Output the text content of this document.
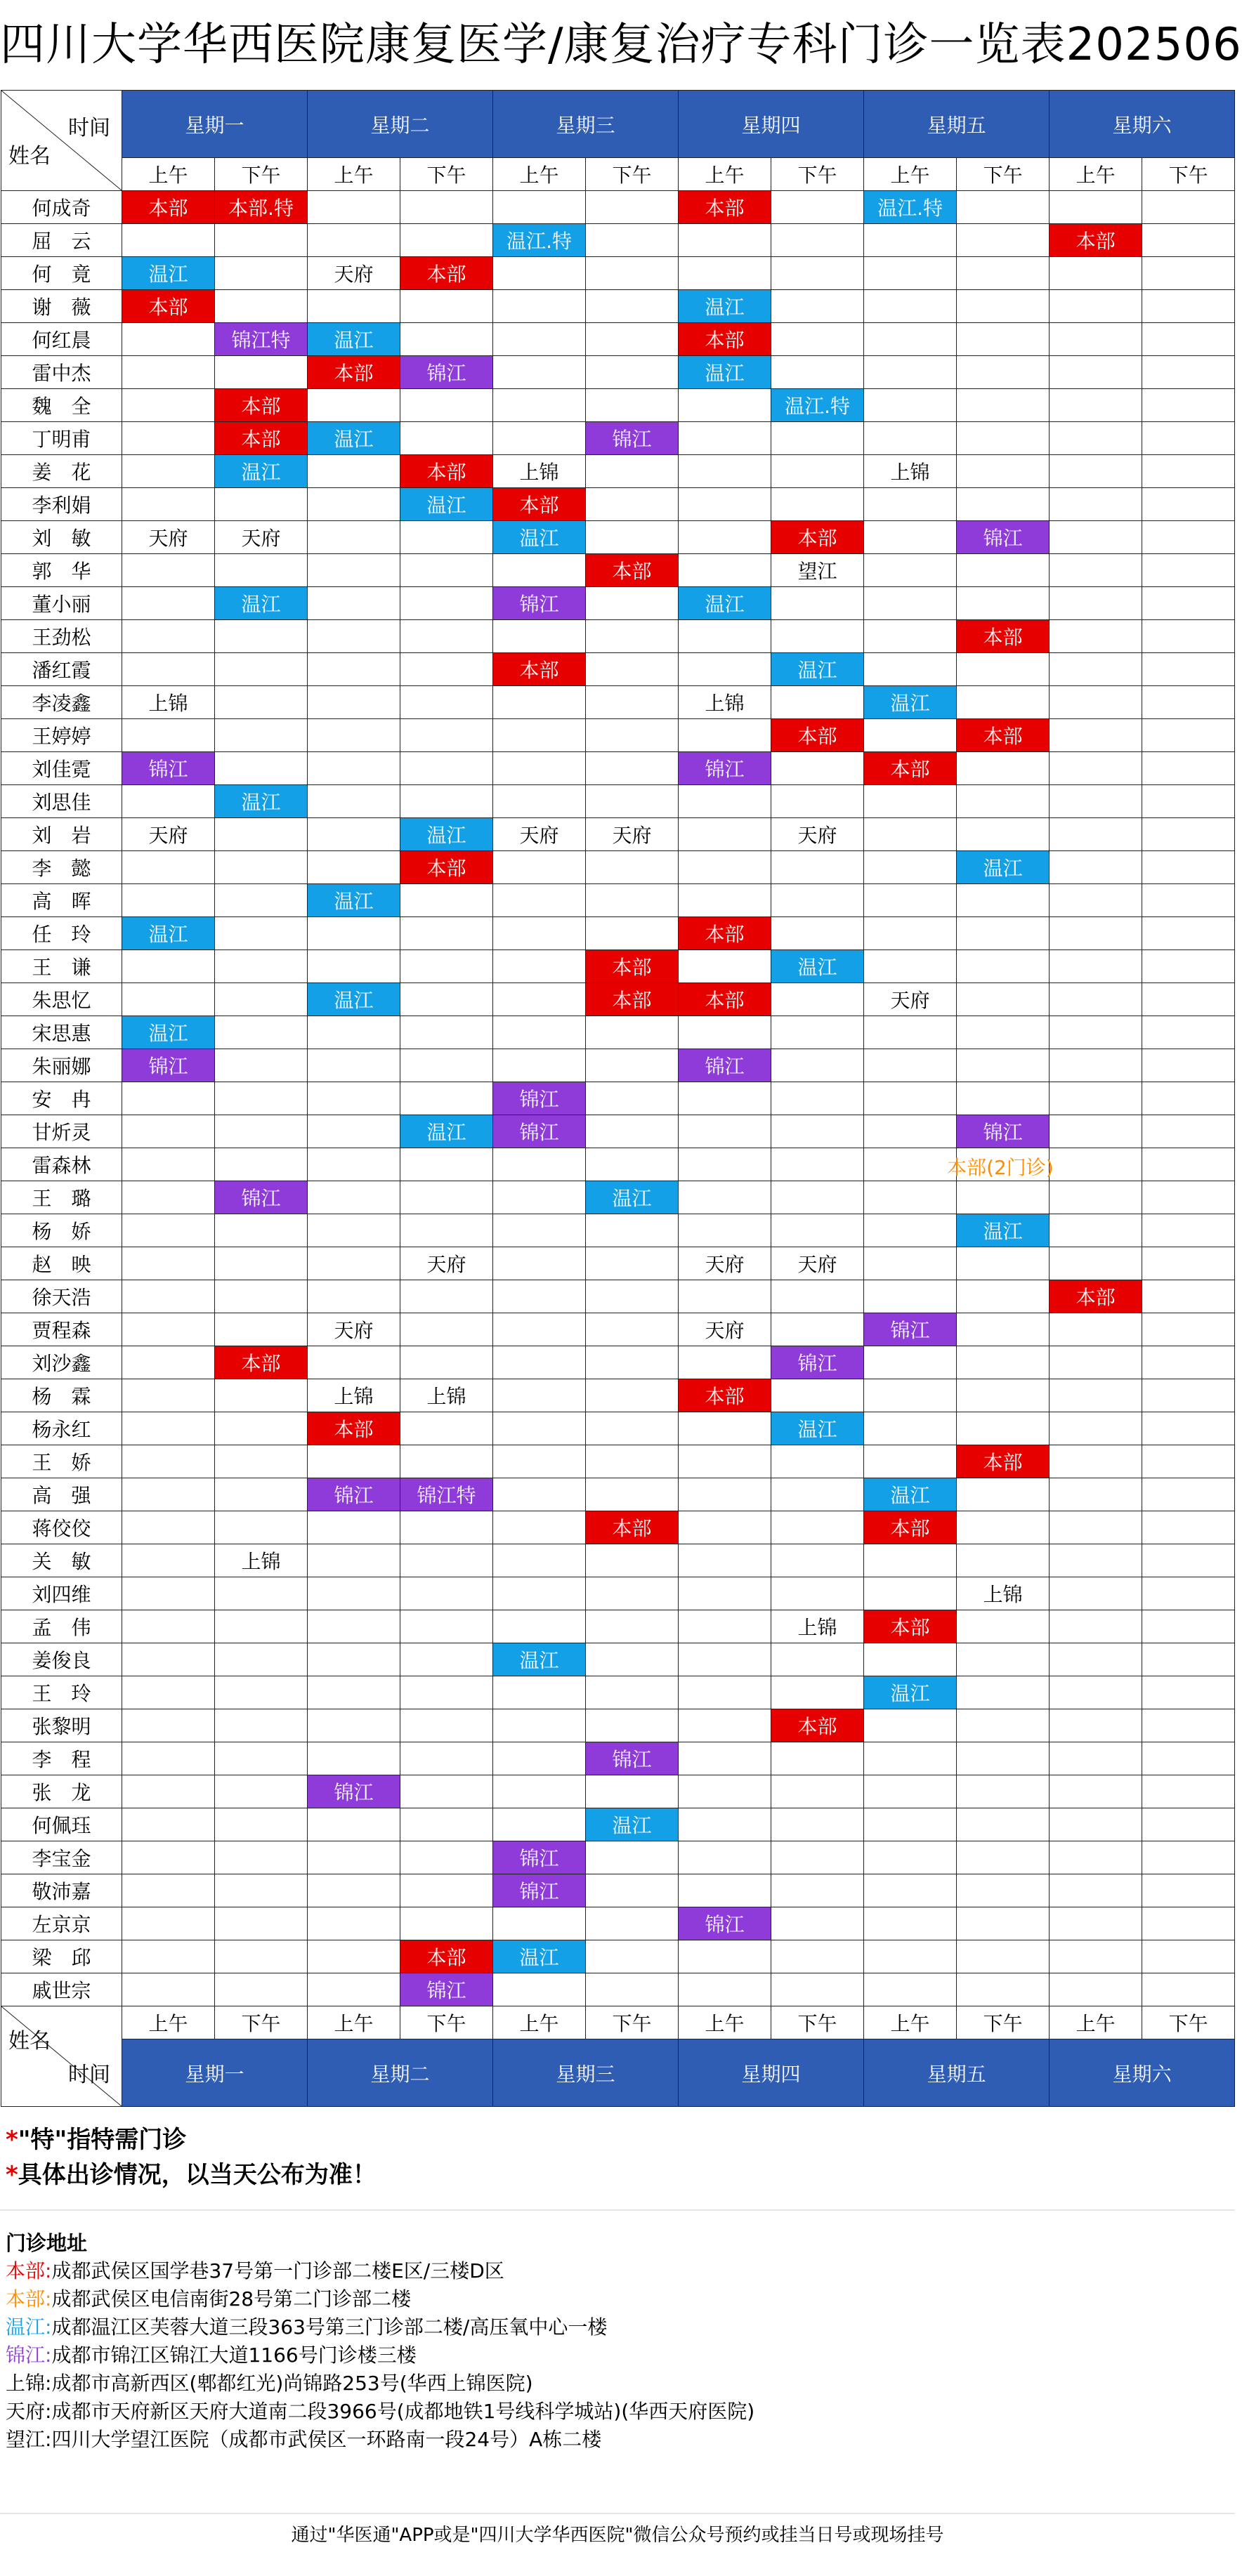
四川大学华西医院康复医学/康复治疗专科门诊一览表202506
时间
姓名	星期一		星期二		星期三		星期四		星期五		星期六	
	上午	下午	上午	下午	上午	下午	上午	下午	上午	下午	上午	下午
何成奇	本部	本部.特					本部		温江.特			
屈　云					温江.特						本部	
何　竟	温江		天府	本部								
谢　薇	本部						温江					
何红晨		锦江特	温江				本部					
雷中杰			本部	锦江			温江					
魏　全		本部						温江.特				
丁明甫		本部	温江			锦江						
姜　花		温江		本部	上锦				上锦			
李利娟				温江	本部							
刘　敏	天府	天府			温江			本部		锦江		
郭　华						本部		望江				
董小丽		温江			锦江		温江					
王劲松										本部		
潘红霞					本部			温江				
李凌鑫	上锦						上锦		温江			
王婷婷								本部		本部		
刘佳霓	锦江						锦江		本部			
刘思佳		温江										
刘　岩	天府			温江	天府	天府		天府				
李　懿				本部						温江		
高　晖			温江									
任　玲	温江						本部					
王　谦						本部		温江				
朱思忆			温江			本部	本部		天府			
宋思惠	温江											
朱丽娜	锦江						锦江					
安　冉					锦江							
甘炘灵				温江	锦江					锦江		
雷森林										本部(2门诊)		

王　璐		锦江				温江						
杨　娇										温江		
赵　映				天府			天府	天府				
徐天浩											本部	
贾程森			天府				天府		锦江			
刘沙鑫		本部						锦江				
杨　霖			上锦	上锦			本部					
杨永红			本部					温江				
王　娇										本部		
高　强			锦江	锦江特					温江			
蒋佼佼						本部			本部			
关　敏		上锦										
刘四维										上锦		
孟　伟								上锦	本部			
姜俊良					温江							
王　玲									温江			
张黎明								本部				
李　程						锦江						
张　龙			锦江									
何佩珏						温江						
李宝金					锦江							
敬沛嘉					锦江							
左京京							锦江					
梁　邱				本部	温江							
戚世宗				锦江								

姓名
时间	上午	下午	上午	下午	上午	下午	上午	下午	上午	下午	上午	下午
	星期一		星期二		星期三		星期四		星期五		星期六	
*"特"指特需门诊
*具体出诊情况，以当天公布为准！
门诊地址
本部:成都武侯区国学巷37号第一门诊部二楼E区/三楼D区
本部:成都武侯区电信南街28号第二门诊部二楼
温江:成都温江区芙蓉大道三段363号第三门诊部二楼/高压氧中心一楼
锦江:成都市锦江区锦江大道1166号门诊楼三楼
上锦:成都市高新西区(郫都红光)尚锦路253号(华西上锦医院)
天府:成都市天府新区天府大道南二段3966号(成都地铁1号线科学城站)(华西天府医院)
望江:四川大学望江医院（成都市武侯区一环路南一段24号）A栋二楼
通过"华医通"APP或是"四川大学华西医院"微信公众号预约或挂当日号或现场挂号
